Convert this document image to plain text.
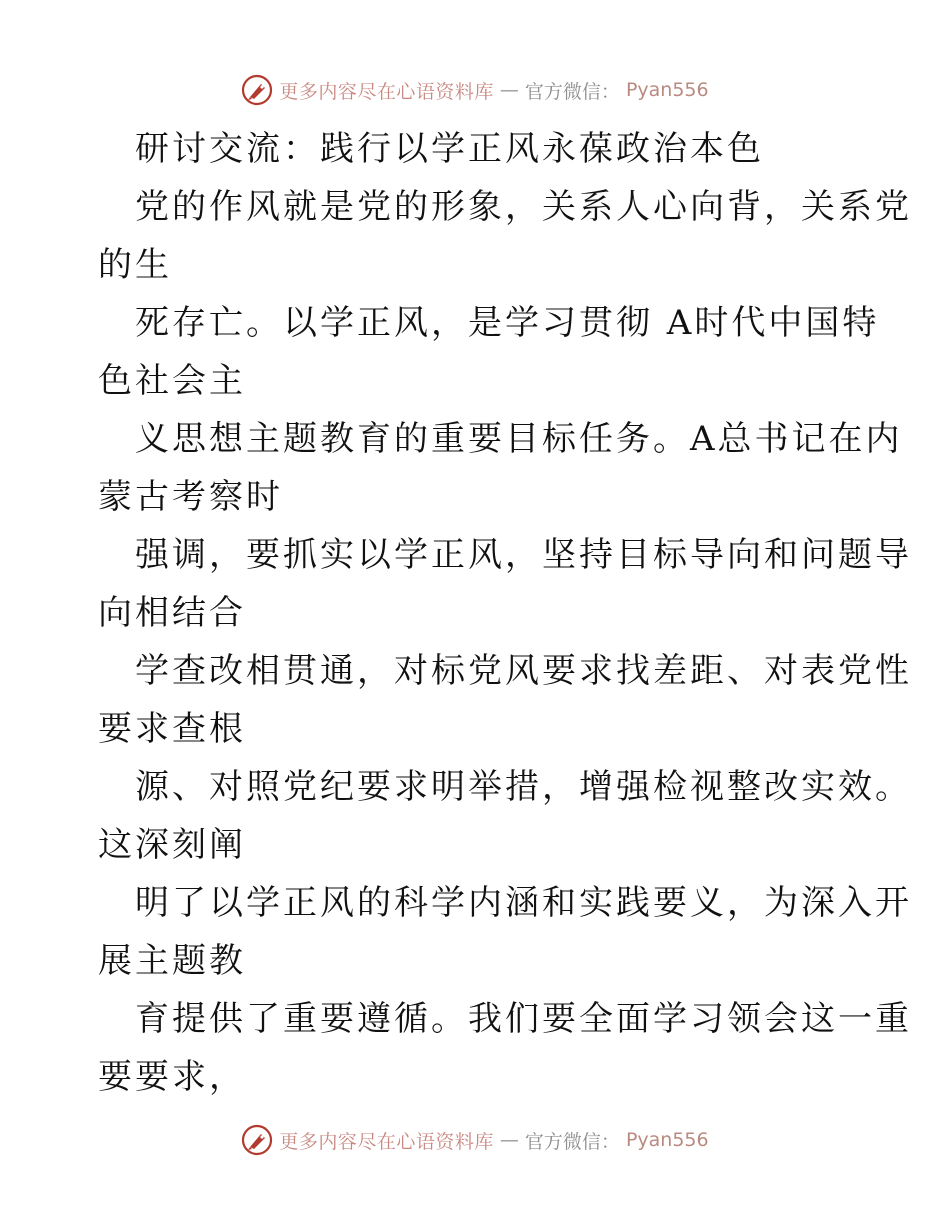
更多内容尽在心语资料库 — 官方微信： Pyan556
研讨交流：践行以学正风永葆政治本色
党的作风就是党的形象，关系人心向背，关系党
的生
死存亡。以学正风，是学习贯彻 A时代中国特
色社会主
义思想主题教育的重要目标任务。A总书记在内
蒙古考察时
强调，要抓实以学正风，坚持目标导向和问题导
向相结合
学查改相贯通，对标党风要求找差距、对表党性
要求查根
源、对照党纪要求明举措，增强检视整改实效。
这深刻阐
明了以学正风的科学内涵和实践要义，为深入开
展主题教
育提供了重要遵循。我们要全面学习领会这一重
要要求，
更多内容尽在心语资料库 — 官方微信： Pyan556
